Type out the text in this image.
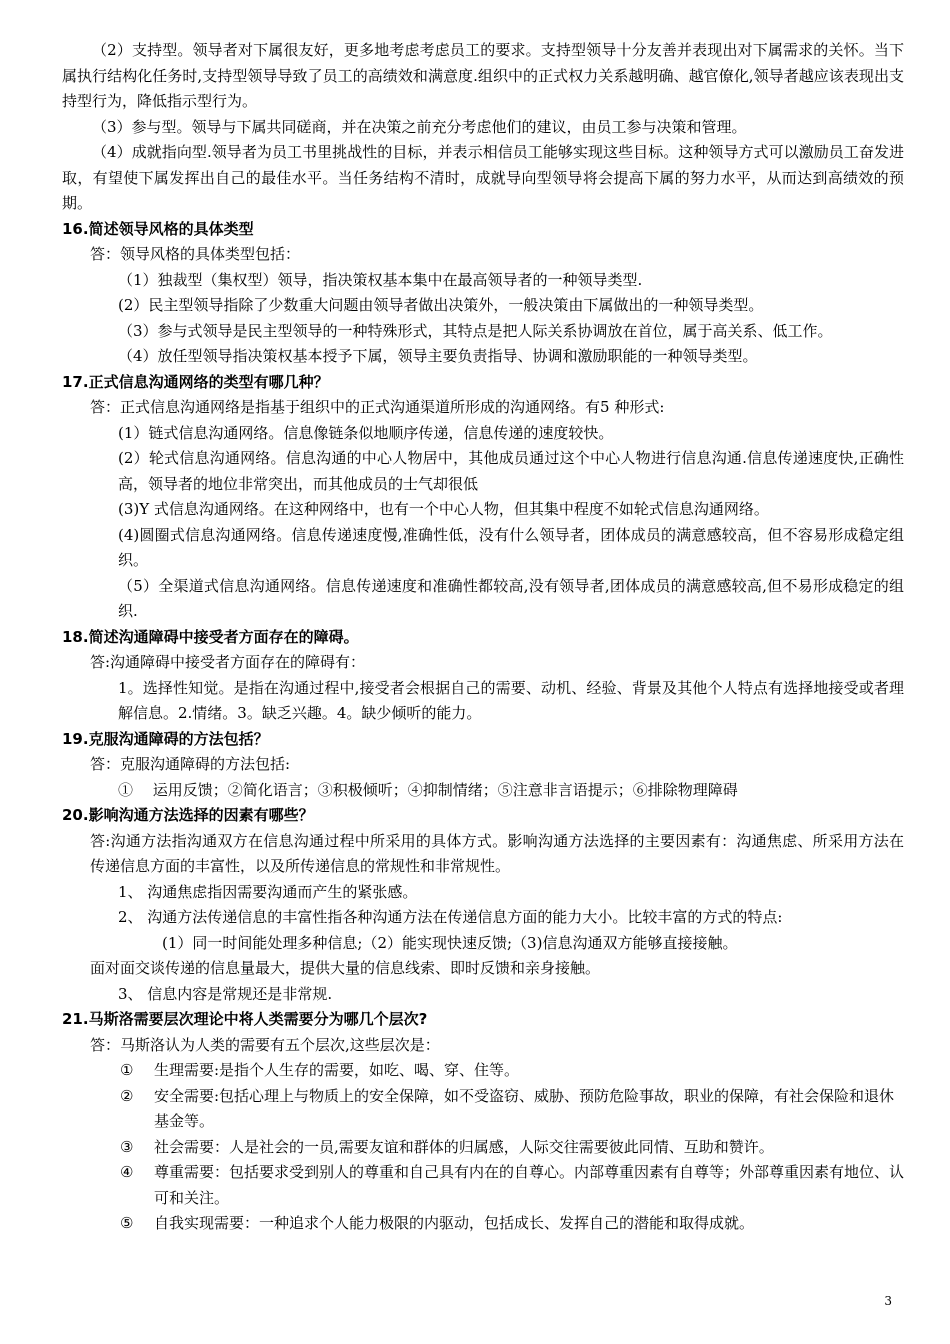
（2）支持型。领导者对下属很友好，更多地考虑考虑员工的要求。支持型领导十分友善并表现出对下属需求的关怀。当下属执行结构化任务时,支持型领导导致了员工的高绩效和满意度.组织中的正式权力关系越明确、越官僚化,领导者越应该表现出支持型行为，降低指示型行为。

（3）参与型。领导与下属共同磋商，并在决策之前充分考虑他们的建议，由员工参与决策和管理。

（4）成就指向型.领导者为员工书里挑战性的目标，并表示相信员工能够实现这些目标。这种领导方式可以激励员工奋发进取，有望使下属发挥出自己的最佳水平。当任务结构不清时，成就导向型领导将会提高下属的努力水平，从而达到高绩效的预期。

16.简述领导风格的具体类型

答：领导风格的具体类型包括：

（1）独裁型（集权型）领导，指决策权基本集中在最高领导者的一种领导类型.

(2）民主型领导指除了少数重大问题由领导者做出决策外，一般决策由下属做出的一种领导类型。

（3）参与式领导是民主型领导的一种特殊形式，其特点是把人际关系协调放在首位，属于高关系、低工作。

（4）放任型领导指决策权基本授予下属，领导主要负责指导、协调和激励职能的一种领导类型。

17.正式信息沟通网络的类型有哪几种？

答：正式信息沟通网络是指基于组织中的正式沟通渠道所形成的沟通网络。有5 种形式:

(1）链式信息沟通网络。信息像链条似地顺序传递，信息传递的速度较快。

(2）轮式信息沟通网络。信息沟通的中心人物居中，其他成员通过这个中心人物进行信息沟通.信息传递速度快,正确性高，领导者的地位非常突出，而其他成员的士气却很低

(3)Y 式信息沟通网络。在这种网络中，也有一个中心人物，但其集中程度不如轮式信息沟通网络。

(4)圆圈式信息沟通网络。信息传递速度慢,准确性低，没有什么领导者，团体成员的满意感较高，但不容易形成稳定组织。

（5）全渠道式信息沟通网络。信息传递速度和准确性都较高,没有领导者,团体成员的满意感较高,但不易形成稳定的组织.

18.简述沟通障碍中接受者方面存在的障碍。

答:沟通障碍中接受者方面存在的障碍有：

1。选择性知觉。是指在沟通过程中,接受者会根据自己的需要、动机、经验、背景及其他个人特点有选择地接受或者理解信息。2.情绪。3。缺乏兴趣。4。缺少倾听的能力。

19.克服沟通障碍的方法包括？

答：克服沟通障碍的方法包括:

①　 运用反馈；②简化语言；③积极倾听；④抑制情绪；⑤注意非言语提示；⑥排除物理障碍

20.影响沟通方法选择的因素有哪些？

答:沟通方法指沟通双方在信息沟通过程中所采用的具体方式。影响沟通方法选择的主要因素有：沟通焦虑、所采用方法在传递信息方面的丰富性，以及所传递信息的常规性和非常规性。

1、 沟通焦虑指因需要沟通而产生的紧张感。

2、 沟通方法传递信息的丰富性指各种沟通方法在传递信息方面的能力大小。比较丰富的方式的特点:

(1）同一时间能处理多种信息;（2）能实现快速反馈;（3)信息沟通双方能够直接接触。

面对面交谈传递的信息量最大，提供大量的信息线索、即时反馈和亲身接触。

3、 信息内容是常规还是非常规.

21.马斯洛需要层次理论中将人类需要分为哪几个层次?

答：马斯洛认为人类的需要有五个层次,这些层次是：

①	生理需要:是指个人生存的需要，如吃、喝、穿、住等。
②	安全需要:包括心理上与物质上的安全保障，如不受盗窃、威胁、预防危险事故，职业的保障，有社会保险和退休基金等。
③	社会需要：人是社会的一员,需要友谊和群体的归属感，人际交往需要彼此同情、互助和赞许。
④	尊重需要：包括要求受到别人的尊重和自己具有内在的自尊心。内部尊重因素有自尊等；外部尊重因素有地位、认可和关注。
⑤	自我实现需要：一种追求个人能力极限的内驱动，包括成长、发挥自己的潜能和取得成就。
3
